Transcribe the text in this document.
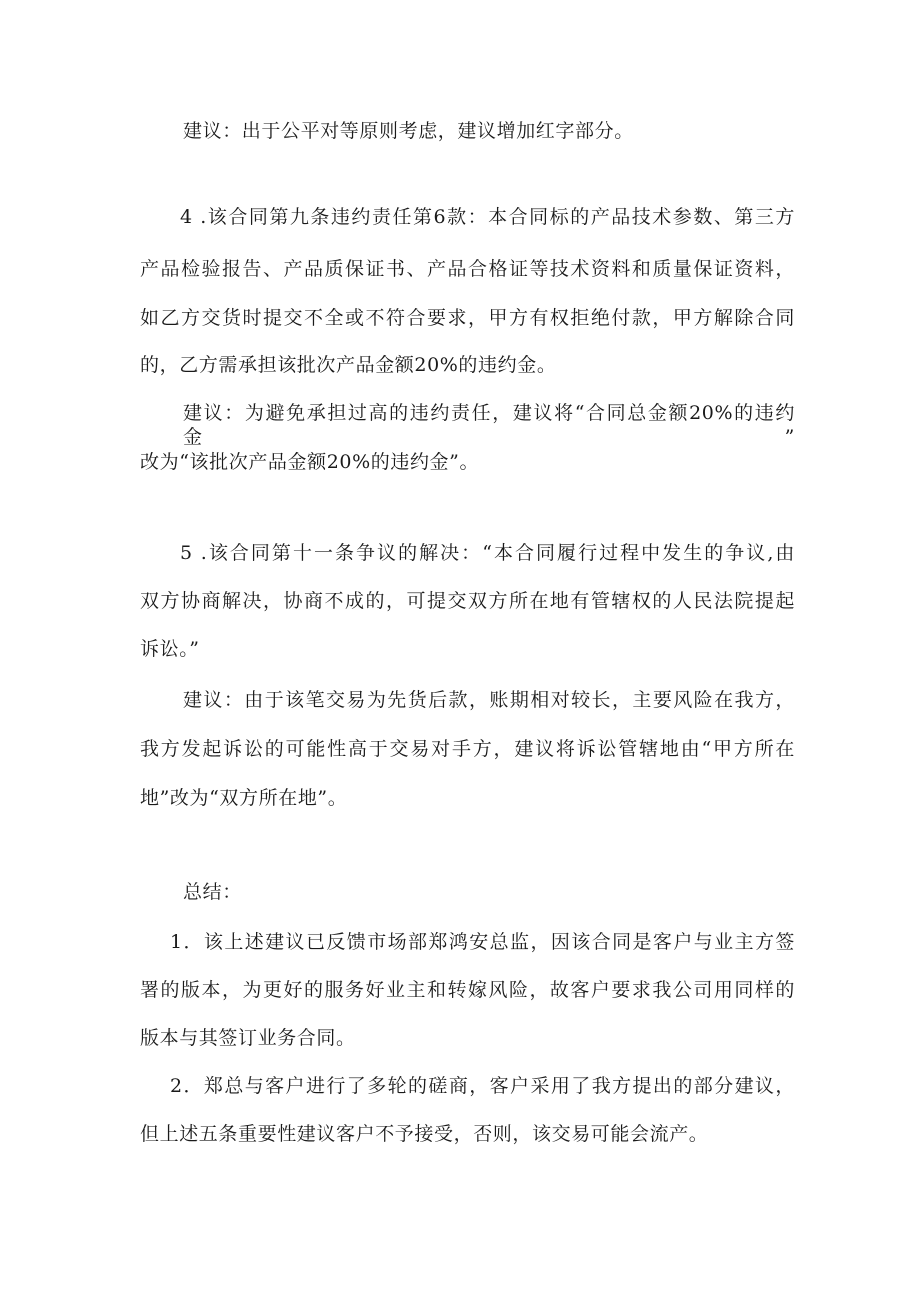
建议：出于公平对等原则考虑，建议增加红字部分。
4 .该合同第九条违约责任第6款：本合同标的产品技术参数、第三方
产品检验报告、产品质保证书、产品合格证等技术资料和质量保证资料，
如乙方交货时提交不全或不符合要求，甲方有权拒绝付款，甲方解除合同
的，乙方需承担该批次产品金额20%的违约金。
建议：为避免承担过高的违约责任，建议将“合同总金额20%的违约金”
改为“该批次产品金额20%的违约金”。
5 .该合同第十一条争议的解决：“本合同履行过程中发生的争议,由
双方协商解决，协商不成的，可提交双方所在地有管辖权的人民法院提起
诉讼。”
建议：由于该笔交易为先货后款，账期相对较长，主要风险在我方，
我方发起诉讼的可能性高于交易对手方，建议将诉讼管辖地由“甲方所在
地”改为“双方所在地”。
总结：
1．该上述建议已反馈市场部郑鸿安总监，因该合同是客户与业主方签
署的版本，为更好的服务好业主和转嫁风险，故客户要求我公司用同样的
版本与其签订业务合同。
2．郑总与客户进行了多轮的磋商，客户采用了我方提出的部分建议，
但上述五条重要性建议客户不予接受，否则，该交易可能会流产。
